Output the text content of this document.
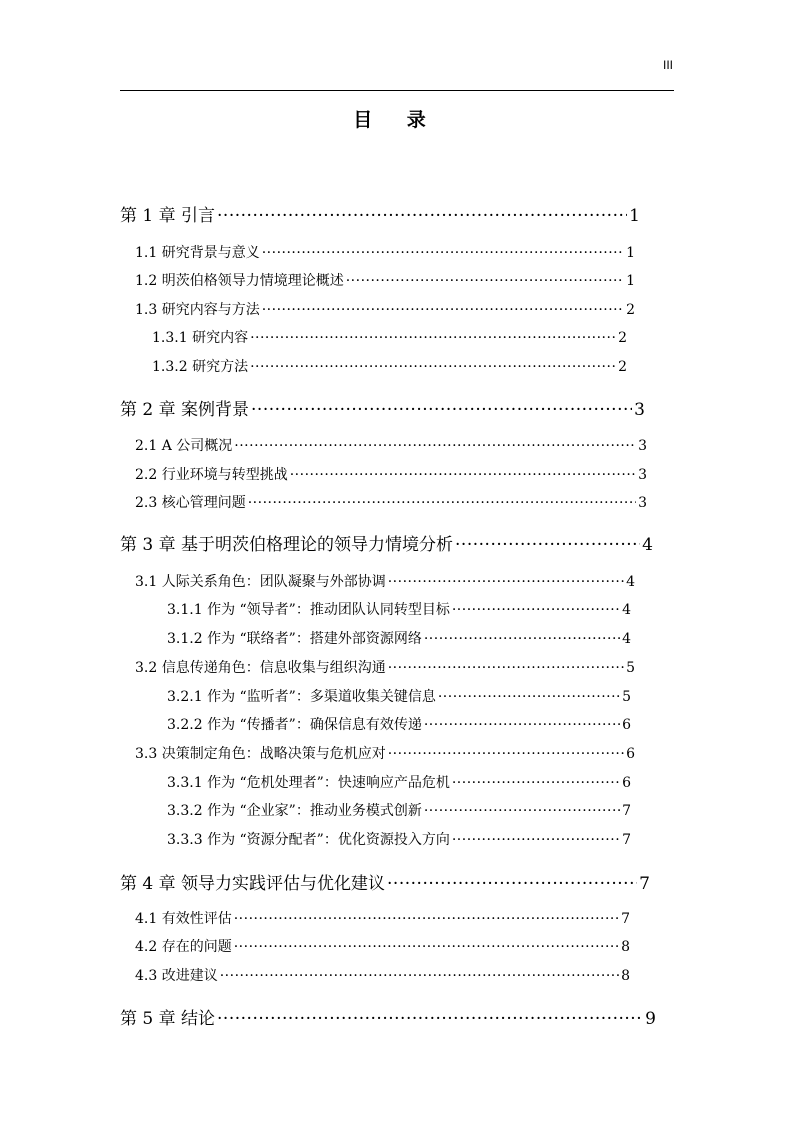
III
目 录
第 1 章 引言 ·····	1
1.1 研究背景与意义 ·····	1
1.2 明茨伯格领导力情境理论概述 ·····	1
1.3 研究内容与方法 ·····	2
1.3.1 研究内容 ·····	2
1.3.2 研究方法 ·····	2
第 2 章 案例背景 ·····	3
2.1 A 公司概况 ·····	3
2.2 行业环境与转型挑战 ·····	3
2.3 核心管理问题 ·····	3
第 3 章 基于明茨伯格理论的领导力情境分析 ·····	4
3.1 人际关系角色：团队凝聚与外部协调 ·····	4
3.1.1 作为 “领导者”：推动团队认同转型目标 ·····	4
3.1.2 作为 “联络者”：搭建外部资源网络 ·····	4
3.2 信息传递角色：信息收集与组织沟通 ·····	5
3.2.1 作为 “监听者”：多渠道收集关键信息 ·····	5
3.2.2 作为 “传播者”：确保信息有效传递 ·····	6
3.3 决策制定角色：战略决策与危机应对 ·····	6
3.3.1 作为 “危机处理者”：快速响应产品危机 ·····	6
3.3.2 作为 “企业家”：推动业务模式创新 ·····	7
3.3.3 作为 “资源分配者”：优化资源投入方向 ·····	7
第 4 章 领导力实践评估与优化建议 ·····	7
4.1 有效性评估 ·····	7
4.2 存在的问题 ·····	8
4.3 改进建议 ·····	8
第 5 章 结论 ·····	9
